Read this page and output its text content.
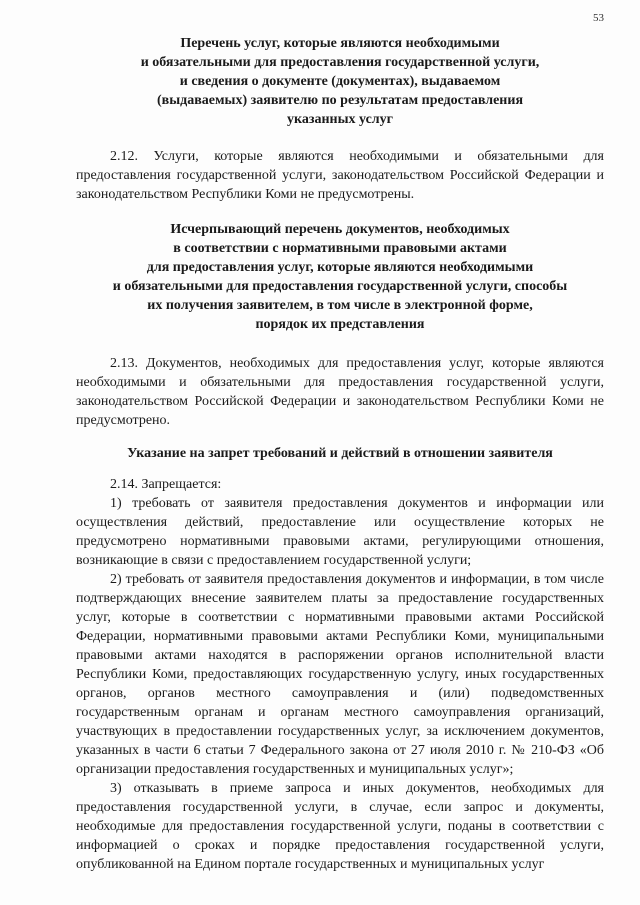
53
Перечень услуг, которые являются необходимыми
и обязательными для предоставления государственной услуги,
и сведения о документе (документах), выдаваемом
(выдаваемых) заявителю по результатам предоставления
указанных услуг

2.12. Услуги, которые являются необходимыми и обязательными для предоставления государственной услуги, законодательством Российской Федерации и законодательством Республики Коми не предусмотрены.

Исчерпывающий перечень документов, необходимых
в соответствии с нормативными правовыми актами
для предоставления услуг, которые являются необходимыми
и обязательными для предоставления государственной услуги, способы
их получения заявителем, в том числе в электронной форме,
порядок их представления

2.13. Документов, необходимых для предоставления услуг, которые являются необходимыми и обязательными для предоставления государственной услуги, законодательством Российской Федерации и законодательством Республики Коми не предусмотрено.

Указание на запрет требований и действий в отношении заявителя

2.14. Запрещается:

1) требовать от заявителя предоставления документов и информации или осуществления действий, предоставление или осуществление которых не предусмотрено нормативными правовыми актами, регулирующими отношения, возникающие в связи с предоставлением государственной услуги;

2) требовать от заявителя предоставления документов и информации, в том числе подтверждающих внесение заявителем платы за предоставление государственных услуг, которые в соответствии с нормативными правовыми актами Российской Федерации, нормативными правовыми актами Республики Коми, муниципальными правовыми актами находятся в распоряжении органов исполнительной власти Республики Коми, предоставляющих государственную услугу, иных государственных органов, органов местного самоуправления и (или) подведомственных государственным органам и органам местного самоуправления организаций, участвующих в предоставлении государственных услуг, за исключением документов, указанных в части 6 статьи 7 Федерального закона от 27 июля 2010 г. № 210-ФЗ «Об организации предоставления государственных и муниципальных услуг»;

3) отказывать в приеме запроса и иных документов, необходимых для предоставления государственной услуги, в случае, если запрос и документы, необходимые для предоставления государственной услуги, поданы в соответствии с информацией о сроках и порядке предоставления государственной услуги, опубликованной на Едином портале государственных и муниципальных услуг
